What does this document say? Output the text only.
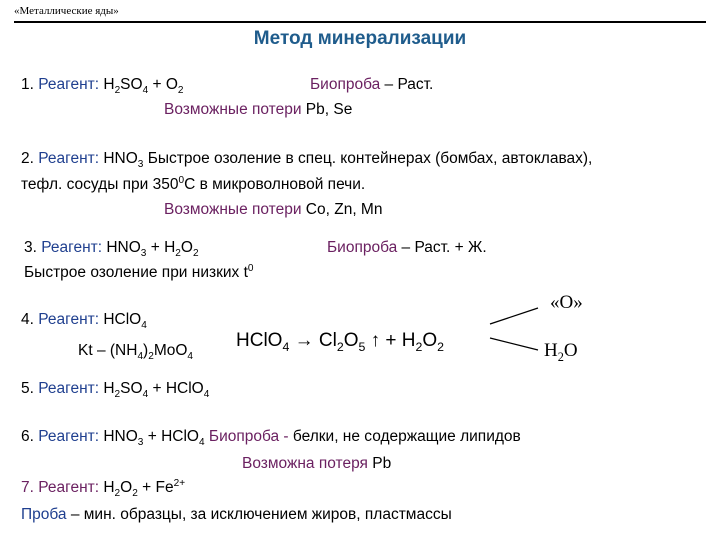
«Металлические яды»
Метод минерализации
1. Реагент: $H_2SO_4 + O_2$	Биопроба – Раст.
Возможные потери Pb, Se
2. Реагент: $HNO_3$ Быстрое озоление в спец. контейнерах (бомбах, автоклавах),
тефл. сосуды при $350^0С$ в микроволновой печи.
Возможные потери Co, Zn, Mn
3. Реагент: $HNO_3 + H_2O_2$	Биопроба – Раст. + Ж.
Быстрое озоление при низких $t^0$
4. Реагент: HClO$_4$
Kt – $(NH_4)_2MoO_4$
HClO$_4$ → $Cl_2O_5$ ↑ + $H_2O_2$
«O»
$H_2O$
5. Реагент: $H_2SO_4$ + HClO$_4$
6. Реагент: $HNO_3$ + HClO$_4$ Биопроба - белки, не содержащие липидов
Возможна потеря Pb
7. Реагент: $H_2O_2 + Fe^{2+}$
Проба – мин. образцы, за исключением жиров, пластмассы
